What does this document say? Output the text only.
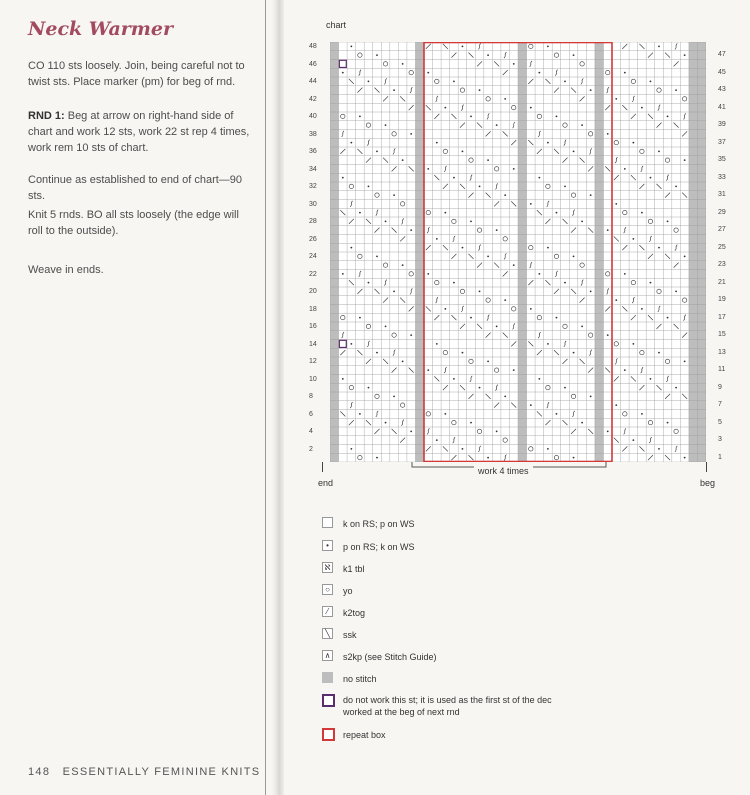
Neck Warmer
CO 110 sts loosely. Join, being careful not to twist sts. Place marker (pm) for beg of rnd.
RND 1: Beg at arrow on right-hand side of chart and work 12 sts, work 22 st rep 4 times, work rem 10 sts of chart.
Continue as established to end of chart—90 sts.
Knit 5 rnds. BO all sts loosely (the edge will roll to the outside).
Weave in ends.
148 ESSENTIALLY FEMININE KNITS
chart
48
46
44
42
40
38
36
34
32
30
28
26
24
22
20
18
16
14
12
10
8
6
4
2
47
45
43
41
39
37
35
33
31
29
27
25
23
21
19
17
15
13
11
9
7
5
3
1
end	beg
work 4 times
k on RS; p on WS
•	p on RS; k on WS
ℵ k1 tbl
○	yo
⁄	k2tog
╲	ssk
∧ s2kp (see Stitch Guide)
no stitch
do not work this st; it is used as the first st of the dec worked at the beg of next rnd
repeat box
